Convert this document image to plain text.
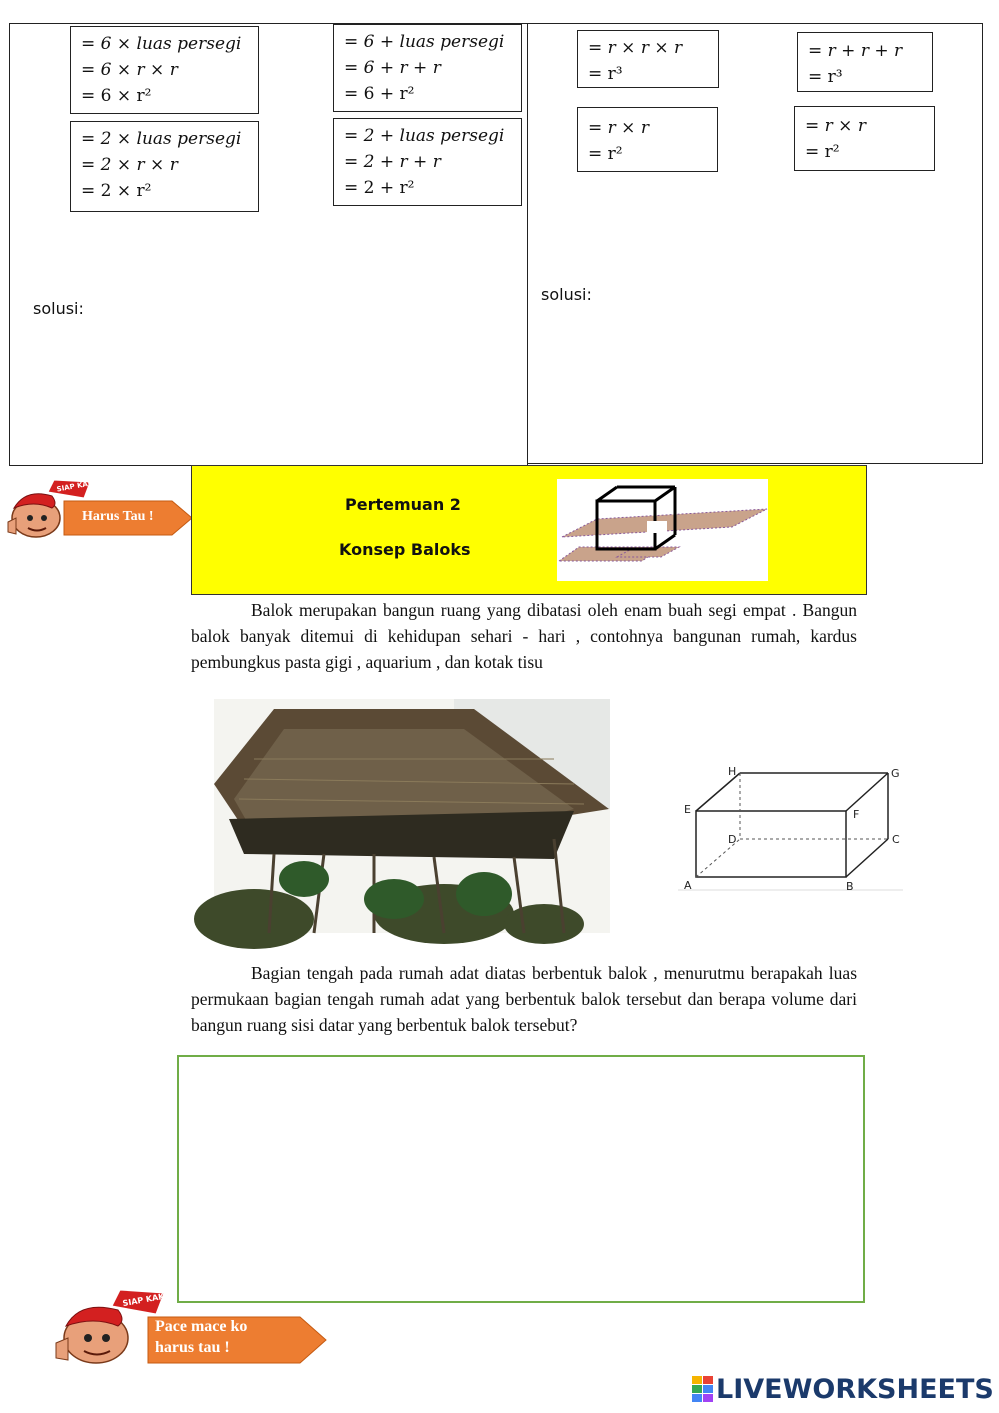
= 6 × luas persegi
= 6 × r × r
= 6 × r²
= 6 + luas persegi
= 6 + r + r
= 6 + r²
= 2 × luas persegi
= 2 × r × r
= 2 × r²
= 2 + luas persegi
= 2 + r + r
= 2 + r²
solusi:
= r × r × r
= r³
= r + r + r
= r³
= r × r
= r²
= r × r
= r²
solusi:
SIAP KAKA !
Harus Tau !
Pertemuan 2
Konsep Baloks
Balok merupakan bangun ruang yang dibatasi oleh enam buah segi empat . Bangun balok banyak ditemui di kehidupan sehari - hari , contohnya bangunan rumah, kardus pembungkus pasta gigi , aquarium , dan kotak tisu
A	B
C
D
E	F
G
H
Bagian tengah pada rumah adat diatas berbentuk balok , menurutmu berapakah luas permukaan bagian tengah rumah adat yang berbentuk balok tersebut dan berapa volume dari bangun ruang sisi datar yang berbentuk balok tersebut?
SIAP KAKA !
Pace mace ko
harus tau !
LIVEWORKSHEETS
